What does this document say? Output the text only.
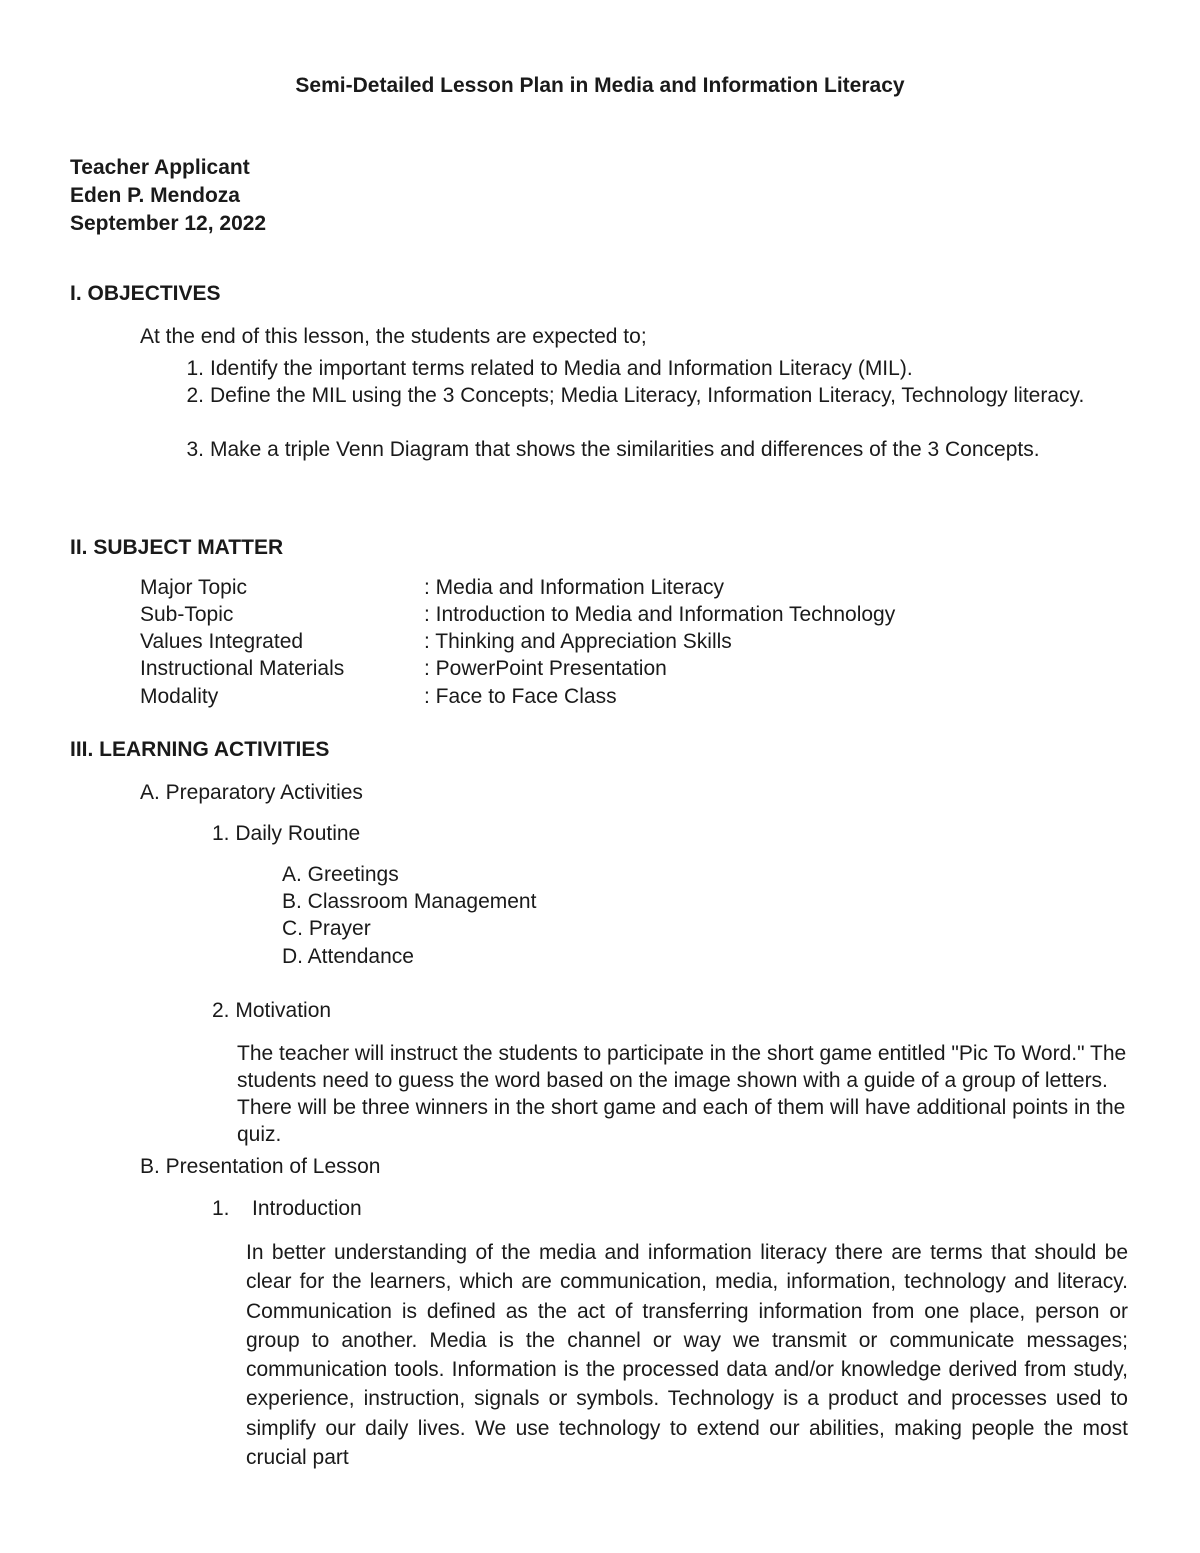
Semi-Detailed Lesson Plan in Media and Information Literacy
Teacher Applicant
Eden P. Mendoza
September 12, 2022
I. OBJECTIVES
At the end of this lesson, the students are expected to;
1. Identify the important terms related to Media and Information Literacy (MIL).
2. Define the MIL using the 3 Concepts; Media Literacy, Information Literacy, Technology literacy.
3. Make a triple Venn Diagram that shows the similarities and differences of the 3 Concepts.
II. SUBJECT MATTER
Major Topic	: Media and Information Literacy
Sub-Topic	: Introduction to Media and Information Technology
Values Integrated	: Thinking and Appreciation Skills
Instructional Materials	: PowerPoint Presentation
Modality	: Face to Face Class
III. LEARNING ACTIVITIES
A. Preparatory Activities
1. Daily Routine
A. Greetings
B. Classroom Management
C. Prayer
D. Attendance
2. Motivation
The teacher will instruct the students to participate in the short game entitled "Pic To Word." The students need to guess the word based on the image shown with a guide of a group of letters. There will be three winners in the short game and each of them will have additional points in the quiz.
B. Presentation of Lesson
1. Introduction
In better understanding of the media and information literacy there are terms that should be clear for the learners, which are communication, media, information, technology and literacy. Communication is defined as the act of transferring information from one place, person or group to another. Media is the channel or way we transmit or communicate messages; communication tools. Information is the processed data and/or knowledge derived from study, experience, instruction, signals or symbols. Technology is a product and processes used to simplify our daily lives. We use technology to extend our abilities, making people the most crucial part
